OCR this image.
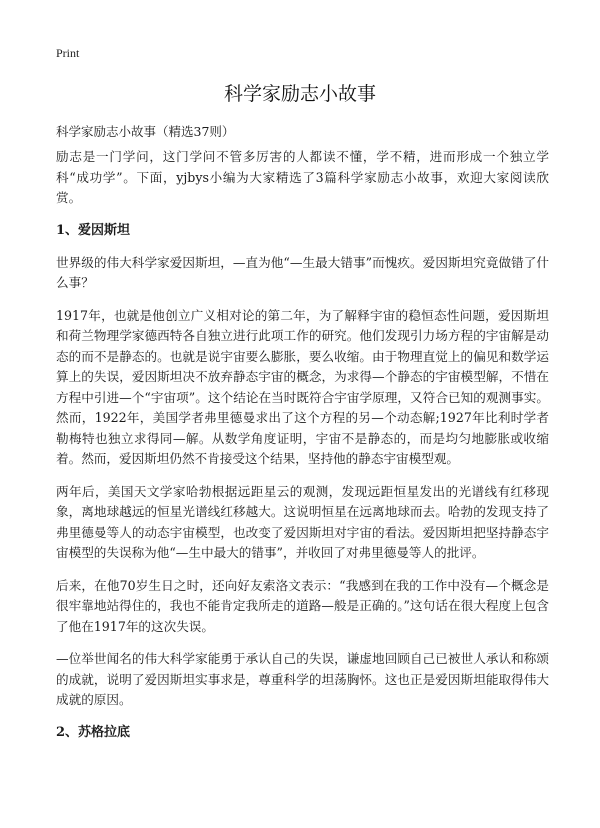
Print
科学家励志小故事
科学家励志小故事（精选37则）

励志是一门学问，这门学问不管多厉害的人都读不懂，学不精，进而形成一个独立学科“成功学”。下面，yjbys小编为大家精选了3篇科学家励志小故事，欢迎大家阅读欣赏。

1、爱因斯坦

世界级的伟大科学家爱因斯坦，—直为他“—生最大错事”而愧疚。爱因斯坦究竟做错了什么事？

1917年，也就是他创立广义相对论的第二年，为了解释宇宙的稳恒态性问题，爱因斯坦和荷兰物理学家德西特各自独立进行此项工作的研究。他们发现引力场方程的宇宙解是动态的而不是静态的。也就是说宇宙要么膨胀，要么收缩。由于物理直觉上的偏见和数学运算上的失误，爱因斯坦决不放弃静态宇宙的概念，为求得—个静态的宇宙模型解，不惜在方程中引进—个“宇宙项”。这个结论在当时既符合宇宙学原理，又符合已知的观测事实。然而，1922年，美国学者弗里德曼求出了这个方程的另—个动态解;1927年比利时学者勒梅特也独立求得同—解。从数学角度证明，宇宙不是静态的，而是均匀地膨胀或收缩着。然而，爱因斯坦仍然不肯接受这个结果，坚持他的静态宇宙模型观。

两年后，美国天文学家哈勃根据远距星云的观测，发现远距恒星发出的光谱线有红移现象，离地球越远的恒星光谱线红移越大。这说明恒星在远离地球而去。哈勃的发现支持了弗里德曼等人的动态宇宙模型，也改变了爱因斯坦对宇宙的看法。爱因斯坦把坚持静态宇宙模型的失误称为他“—生中最大的错事”，并收回了对弗里德曼等人的批评。

后来，在他70岁生日之时，还向好友索洛文表示：“我感到在我的工作中没有—个概念是很牢靠地站得住的，我也不能肯定我所走的道路—般是正确的。”这句话在很大程度上包含了他在1917年的这次失误。

—位举世闻名的伟大科学家能勇于承认自己的失误，谦虚地回顾自己已被世人承认和称颂的成就，说明了爱因斯坦实事求是，尊重科学的坦荡胸怀。这也正是爱因斯坦能取得伟大成就的原因。

2、苏格拉底
